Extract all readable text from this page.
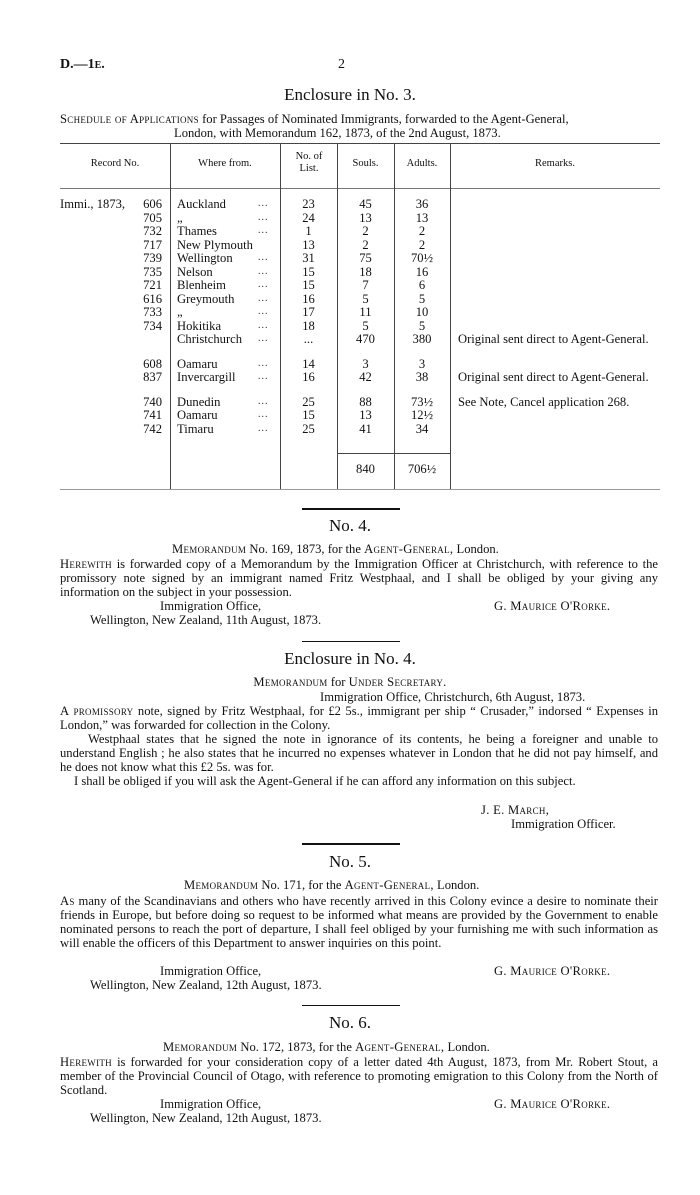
D.—1E.	2
Enclosure in No. 3.
Schedule of Applications for Passages of Nominated Immigrants, forwarded to the Agent-General,
London, with Memorandum 162, 1873, of the 2nd August, 1873.
Record No.	Where from.
No. of List.	Souls.	Adults.	Remarks.
Immi., 1873,	606 Auckland	...	23	45	36
705 „	...	24	13	13
732 Thames	...	1	2	2
717 New Plymouth	13	2	2
739 Wellington	...	31	75	70½
735 Nelson	...	15	18	16
721 Blenheim	...	15	7	6
616 Greymouth ...	16	5	5
733 „	...	17	11	10
734 Hokitika	...	18	5	5
Christchurch ...	...	470	380	Original sent direct to Agent-General.
608 Oamaru	...	14	3	3
837 Invercargill ...	16	42	38	Original sent direct to Agent-General.
740 Dunedin	...	25	88	73½	See Note, Cancel application 268.
741 Oamaru	...	15	13	12½
742 Timaru	...	25	41	34
840	706½
No. 4.
Memorandum No. 169, 1873, for the Agent-General, London.
Herewith is forwarded copy of a Memorandum by the Immigration Officer at Christchurch, with reference to the promissory note signed by an immigrant named Fritz Westphaal, and I shall be obliged by your giving any information on the subject in your possession.
Immigration Office,	G. Maurice O'Rorke.
Wellington, New Zealand, 11th August, 1873.
Enclosure in No. 4.
Memorandum for Under Secretary.
Immigration Office, Christchurch, 6th August, 1873.
A promissory note, signed by Fritz Westphaal, for £2 5s., immigrant per ship “ Crusader,” indorsed “ Expenses in London,” was forwarded for collection in the Colony.
Westphaal states that he signed the note in ignorance of its contents, he being a foreigner and unable to understand English ; he also states that he incurred no expenses whatever in London that he did not pay himself, and he does not know what this £2 5s. was for.
I shall be obliged if you will ask the Agent-General if he can afford any information on this subject.
J. E. March,
Immigration Officer.
No. 5.
Memorandum No. 171, for the Agent-General, London.
As many of the Scandinavians and others who have recently arrived in this Colony evince a desire to nominate their friends in Europe, but before doing so request to be informed what means are provided by the Government to enable nominated persons to reach the port of departure, I shall feel obliged by your furnishing me with such information as will enable the officers of this Department to answer inquiries on this point.
Immigration Office,	G. Maurice O'Rorke.
Wellington, New Zealand, 12th August, 1873.
No. 6.
Memorandum No. 172, 1873, for the Agent-General, London.
Herewith is forwarded for your consideration copy of a letter dated 4th August, 1873, from Mr. Robert Stout, a member of the Provincial Council of Otago, with reference to promoting emigration to this Colony from the North of Scotland.
Immigration Office,	G. Maurice O'Rorke.
Wellington, New Zealand, 12th August, 1873.
